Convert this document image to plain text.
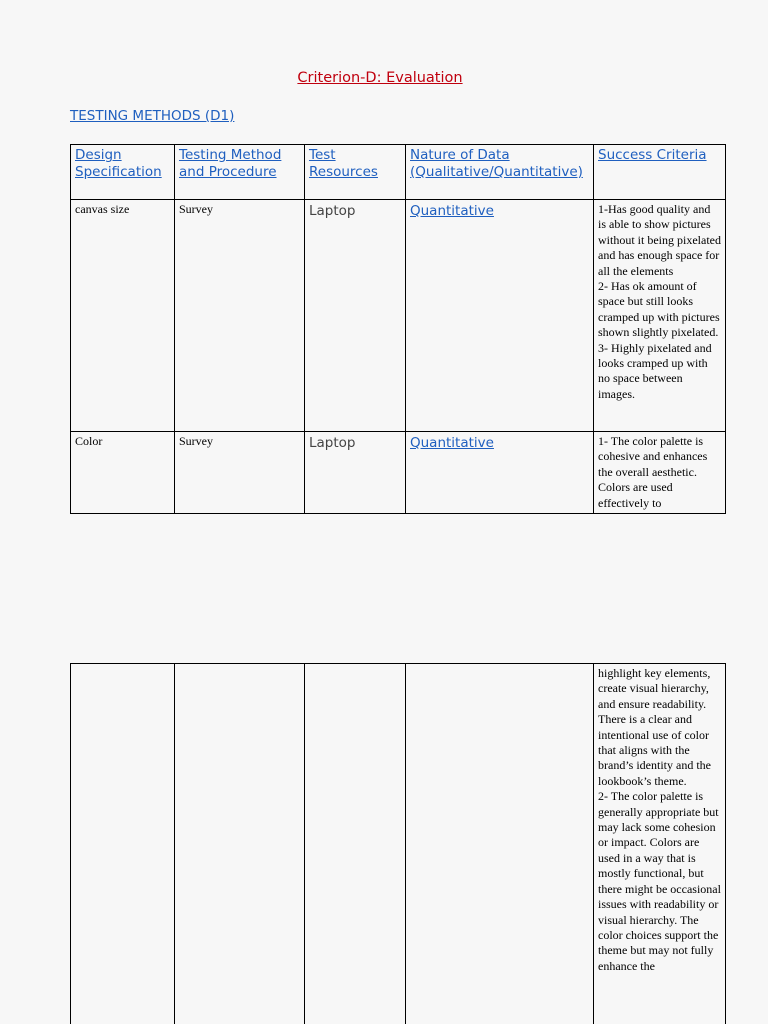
Criterion-D: Evaluation
TESTING METHODS (D1)
Design Specification	Testing Method and Procedure	Test Resources	Nature of Data (Qualitative/Quantitative)	Success Criteria
canvas size	Survey	Laptop	Quantitative	1-Has good quality and is able to show pictures without it being pixelated and has enough space for all the elements
2- Has ok amount of space but still looks cramped up with pictures shown slightly pixelated.
3- Highly pixelated and looks cramped up with no space between images.

Color	Survey	Laptop	Quantitative	1- The color palette is cohesive and enhances the overall aesthetic. Colors are used effectively to

highlight key elements, create visual hierarchy, and ensure readability. There is a clear and intentional use of color that aligns with the brand’s identity and the lookbook’s theme.
2- The color palette is generally appropriate but may lack some cohesion or impact. Colors are used in a way that is mostly functional, but there might be occasional issues with readability or visual hierarchy. The color choices support the theme but may not fully enhance the
